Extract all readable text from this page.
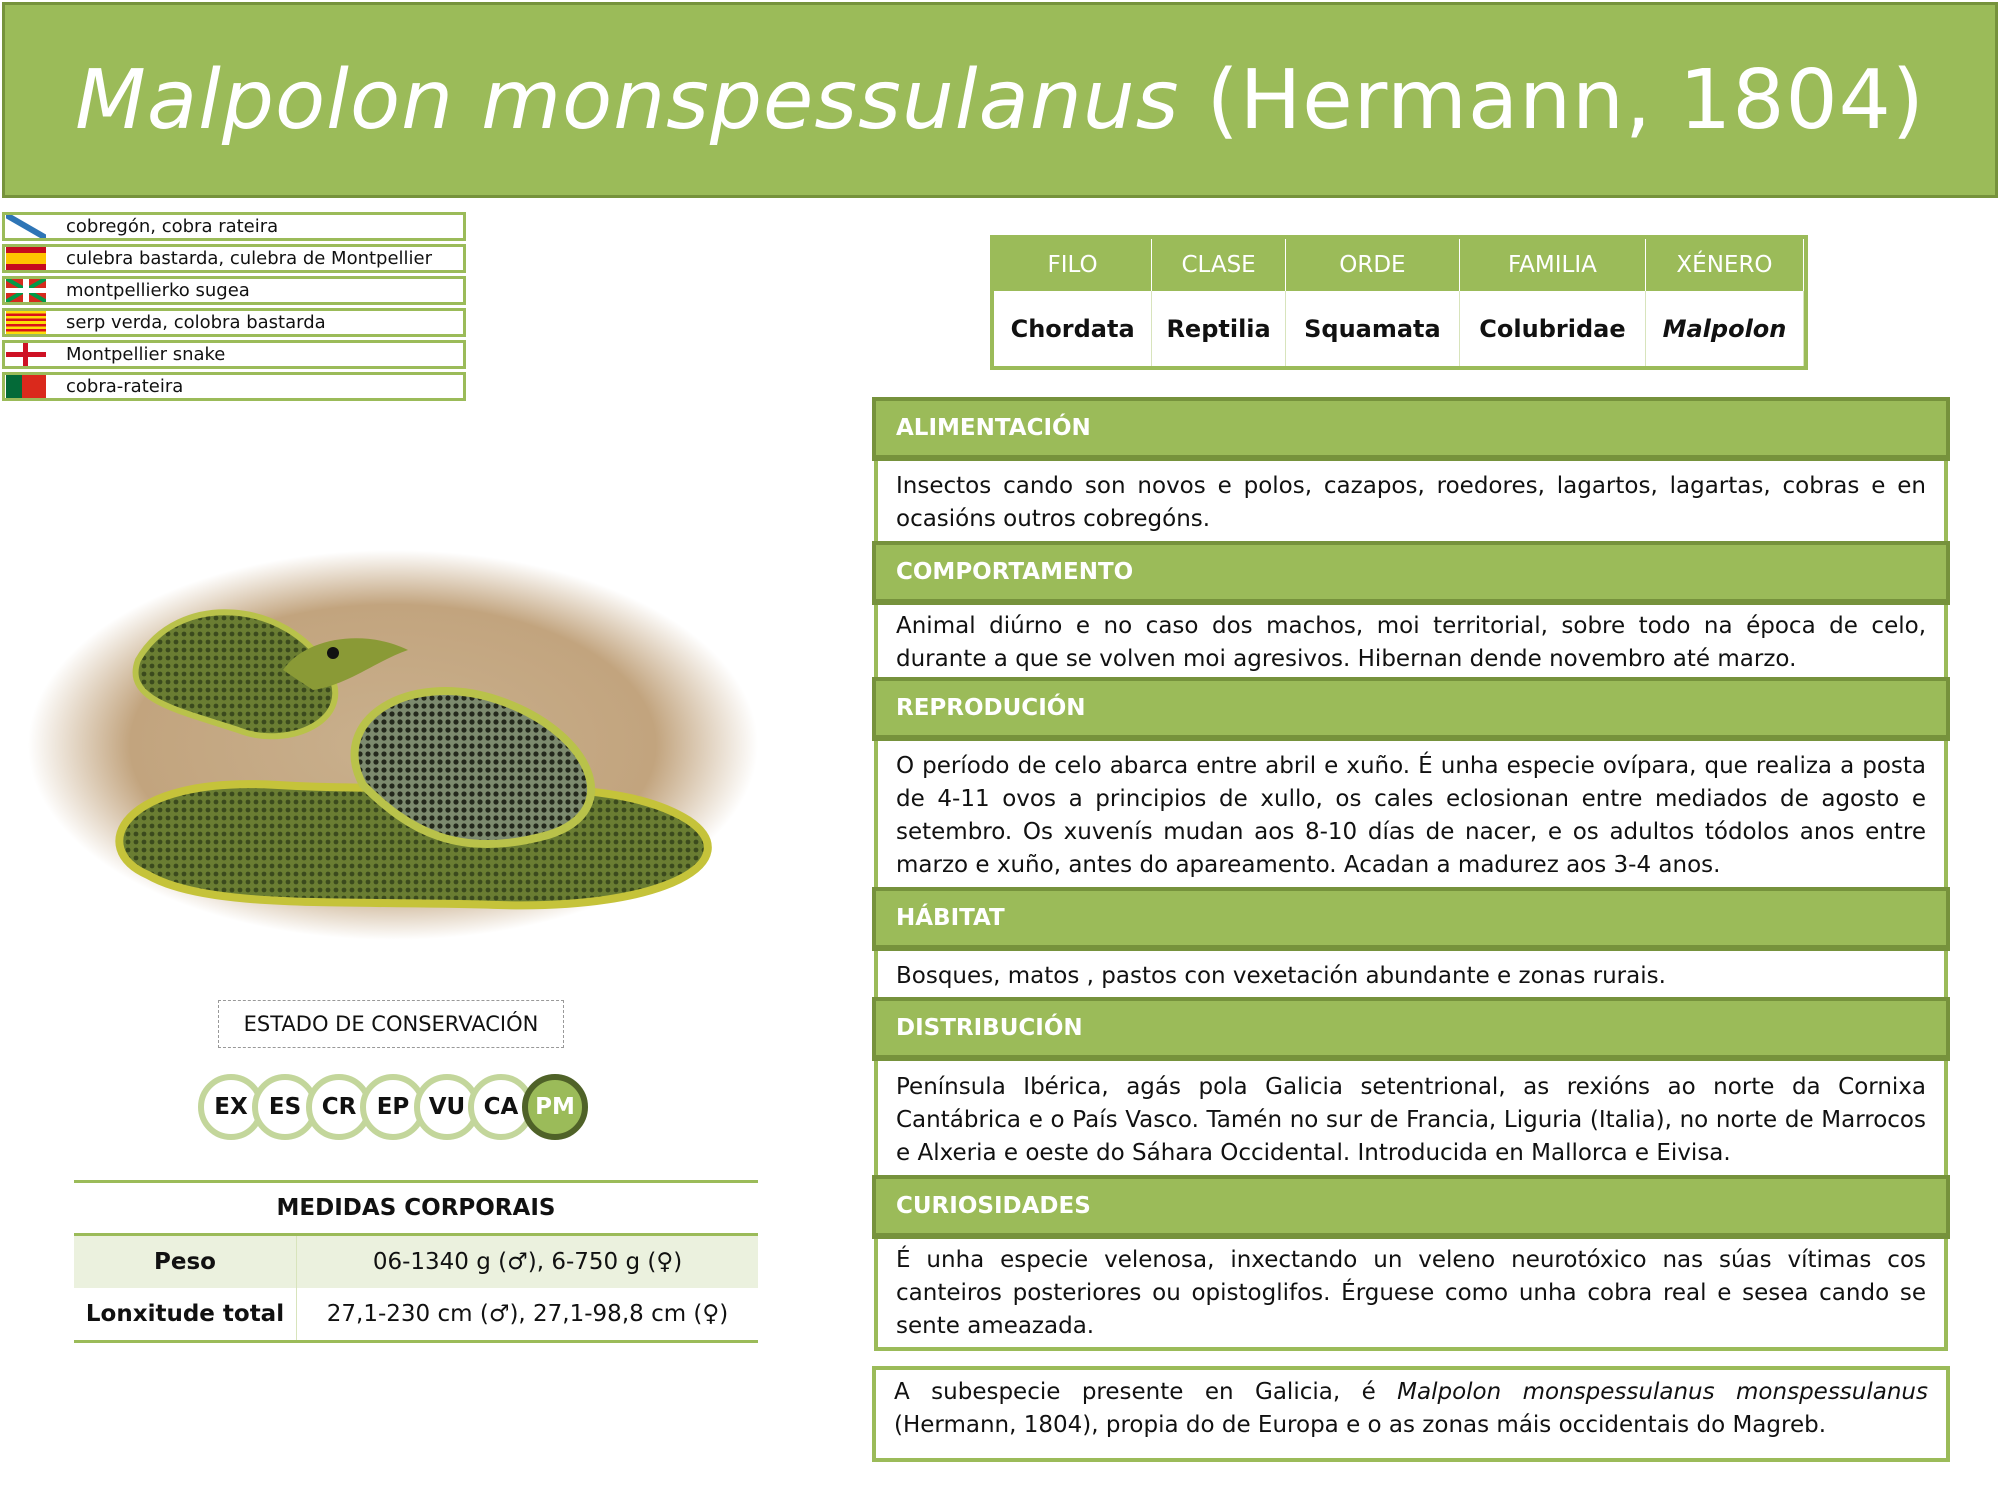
Malpolon monspessulanus (Hermann, 1804)
cobregón, cobra rateira
culebra bastarda, culebra de Montpellier
montpellierko sugea
serp verda, colobra bastarda
Montpellier snake
cobra-rateira
ESTADO DE CONSERVACIÓN
EX ES CR EP VU CA PM
MEDIDAS CORPORAIS
Peso	06-1340 g (♂), 6-750 g (♀)
Lonxitude total	27,1-230 cm (♂), 27,1-98,8 cm (♀)
FILO	CLASE	ORDE	FAMILIA	XÉNERO
Chordata	Reptilia	Squamata	Colubridae	Malpolon
ALIMENTACIÓN

Insectos cando son novos e polos, cazapos, roedores, lagartos, lagartas, cobras e en ocasións outros cobregóns.

COMPORTAMENTO

Animal diúrno e no caso dos machos, moi territorial, sobre todo na época de celo, durante a que se volven moi agresivos. Hibernan dende novembro até marzo.

REPRODUCIÓN

O período de celo abarca entre abril e xuño. É unha especie ovípara, que realiza a posta de 4-11 ovos a principios de xullo, os cales eclosionan entre mediados de agosto e setembro. Os xuvenís mudan aos 8-10 días de nacer, e os adultos tódolos anos entre marzo e xuño, antes do apareamento. Acadan a madurez aos 3-4 anos.

HÁBITAT

Bosques, matos , pastos con vexetación abundante e zonas rurais.

DISTRIBUCIÓN

Península Ibérica, agás pola Galicia setentrional, as rexións ao norte da Cornixa Cantábrica e o País Vasco. Tamén no sur de Francia, Liguria (Italia), no norte de Marrocos e Alxeria e oeste do Sáhara Occidental. Introducida en Mallorca e Eivisa.

CURIOSIDADES

É unha especie velenosa, inxectando un veleno neurotóxico nas súas vítimas cos canteiros posteriores ou opistoglifos. Érguese como unha cobra real e sesea cando se sente ameazada.

A subespecie presente en Galicia, é Malpolon monspessulanus monspessulanus (Hermann, 1804), propia do de Europa e o as zonas máis occidentais do Magreb.
